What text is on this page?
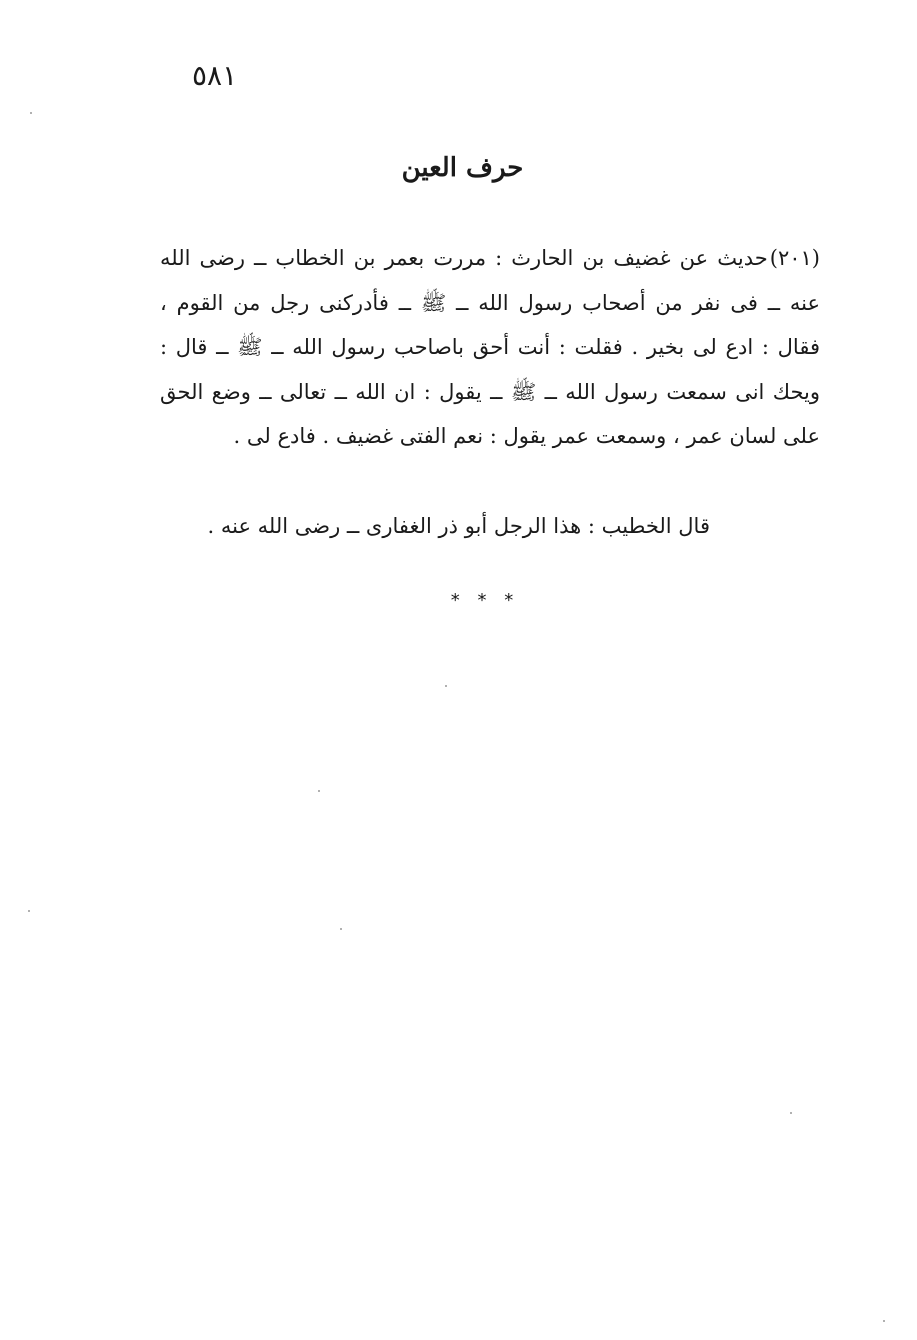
٥٨١
حرف العين
(٢٠١)حديث عن غضيف بن الحارث : مررت بعمر بن الخطاب ــ رضى الله عنه ــ فى نفر من أصحاب رسول الله ــ ﷺ ــ فأدركنى رجل من القوم ، فقال : ادع لى بخير . فقلت : أنت أحق باصاحب رسول الله ــ ﷺ ــ قال : ويحك انى سمعت رسول الله ــ ﷺ ــ يقول : ان الله ــ تعالى ــ وضع الحق على لسان عمر ، وسمعت عمر يقول : نعم الفتى غضيف . فادع لى .
قال الخطيب : هذا الرجل أبو ذر الغفارى ــ رضى الله عنه .
* * *
